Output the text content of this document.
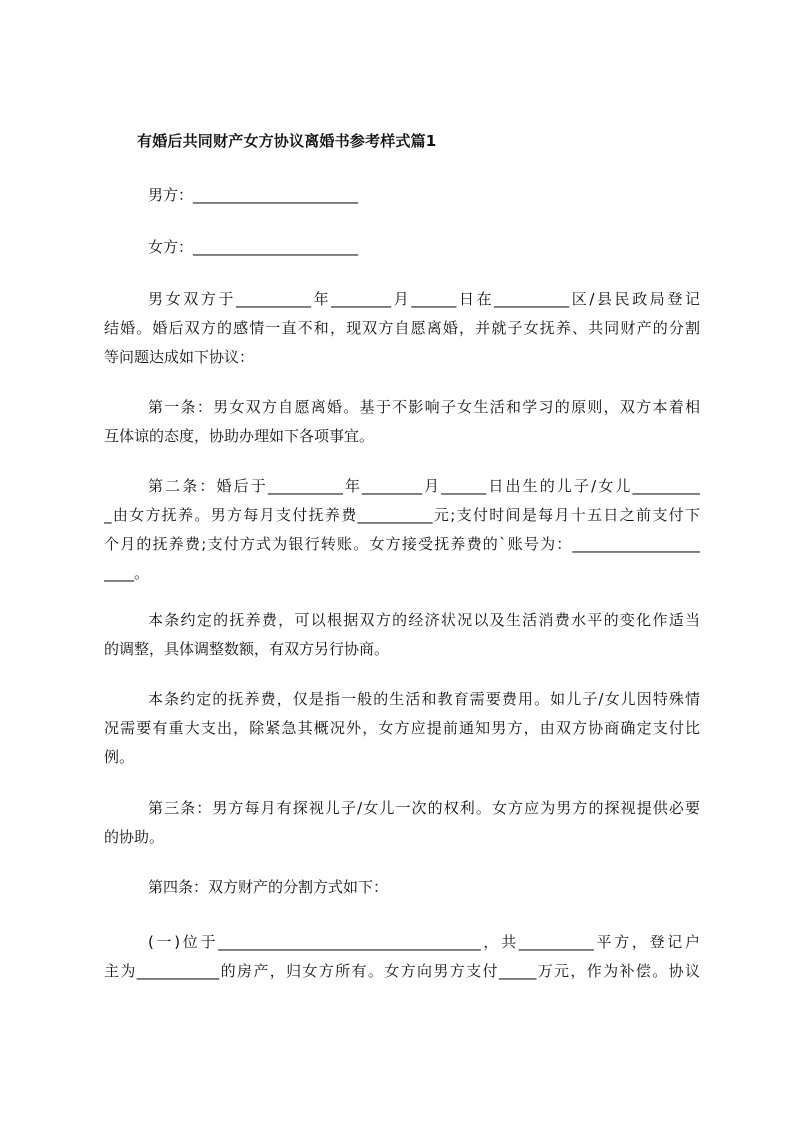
有婚后共同财产女方协议离婚书参考样式篇1
男方：______________________
女方：______________________
男女双方于__________年________月______日在__________区/县民政局登记
结婚。婚后双方的感情一直不和，现双方自愿离婚，并就子女抚养、共同财产的分割
等问题达成如下协议：
第一条：男女双方自愿离婚。基于不影响子女生活和学习的原则，双方本着相
互体谅的态度，协助办理如下各项事宜。
第二条：婚后于__________年________月______日出生的儿子/女儿_________
_由女方抚养。男方每月支付抚养费__________元;支付时间是每月十五日之前支付下
个月的抚养费;支付方式为银行转账。女方接受抚养费的`账号为：_________________
____。
本条约定的抚养费，可以根据双方的经济状况以及生活消费水平的变化作适当
的调整，具体调整数额，有双方另行协商。
本条约定的抚养费，仅是指一般的生活和教育需要费用。如儿子/女儿因特殊情
况需要有重大支出，除紧急其概况外，女方应提前通知男方，由双方协商确定支付比
例。
第三条：男方每月有探视儿子/女儿一次的权利。女方应为男方的探视提供必要
的协助。
第四条：双方财产的分割方式如下：
(一)位于___________________________________，共__________平方，登记户
主为___________的房产，归女方所有。女方向男方支付_____万元，作为补偿。协议
